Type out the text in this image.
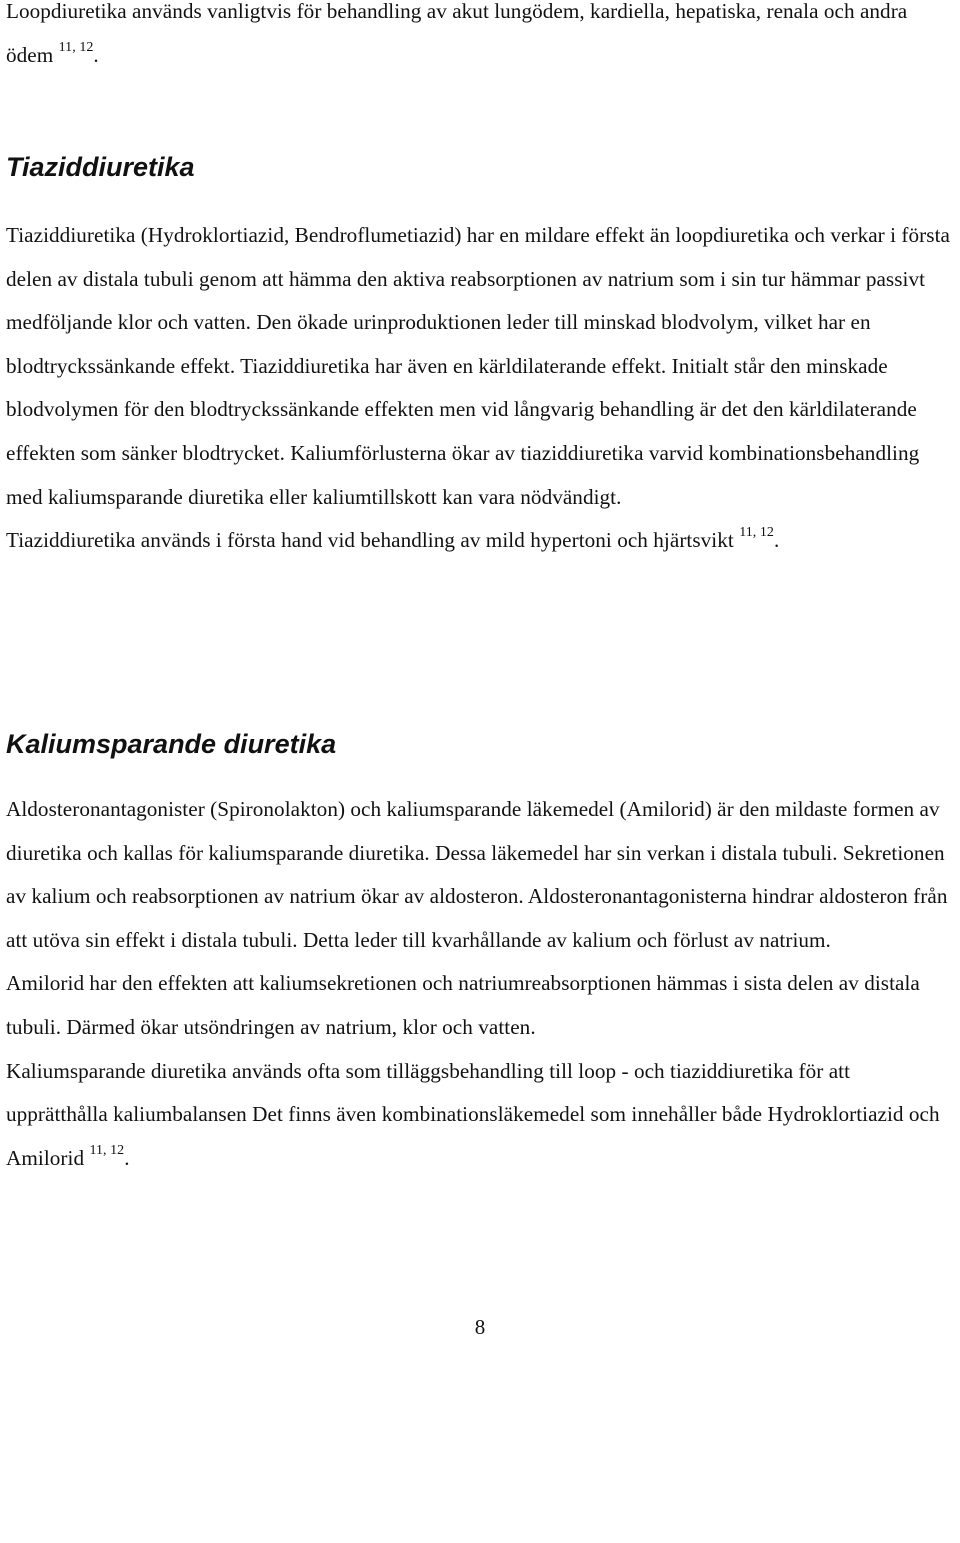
Loopdiuretika används vanligtvis för behandling av akut lungödem, kardiella, hepatiska, renala och andra ödem $^{11, 12}$.

Tiaziddiuretika
Tiaziddiuretika (Hydroklortiazid, Bendroflumetiazid) har en mildare effekt än loopdiuretika och verkar i första delen av distala tubuli genom att hämma den aktiva reabsorptionen av natrium som i sin tur hämmar passivt medföljande klor och vatten. Den ökade urinproduktionen leder till minskad blodvolym, vilket har en blodtryckssänkande effekt. Tiaziddiuretika har även en kärldilaterande effekt. Initialt står den minskade blodvolymen för den blodtryckssänkande effekten men vid långvarig behandling är det den kärldilaterande effekten som sänker blodtrycket. Kaliumförlusterna ökar av tiaziddiuretika varvid kombinationsbehandling med kaliumsparande diuretika eller kaliumtillskott kan vara nödvändigt.
Tiaziddiuretika används i första hand vid behandling av mild hypertoni och hjärtsvikt $^{11, 12}$.
Kaliumsparande diuretika
Aldosteronantagonister (Spironolakton) och kaliumsparande läkemedel (Amilorid) är den mildaste formen av diuretika och kallas för kaliumsparande diuretika. Dessa läkemedel har sin verkan i distala tubuli. Sekretionen av kalium och reabsorptionen av natrium ökar av aldosteron. Aldosteronantagonisterna hindrar aldosteron från att utöva sin effekt i distala tubuli. Detta leder till kvarhållande av kalium och förlust av natrium.
Amilorid har den effekten att kaliumsekretionen och natriumreabsorptionen hämmas i sista delen av distala tubuli. Därmed ökar utsöndringen av natrium, klor och vatten.
Kaliumsparande diuretika används ofta som tilläggsbehandling till loop - och tiaziddiuretika för att upprätthålla kaliumbalansen Det finns även kombinationsläkemedel som innehåller både Hydroklortiazid och Amilorid $^{11, 12}$.

8
